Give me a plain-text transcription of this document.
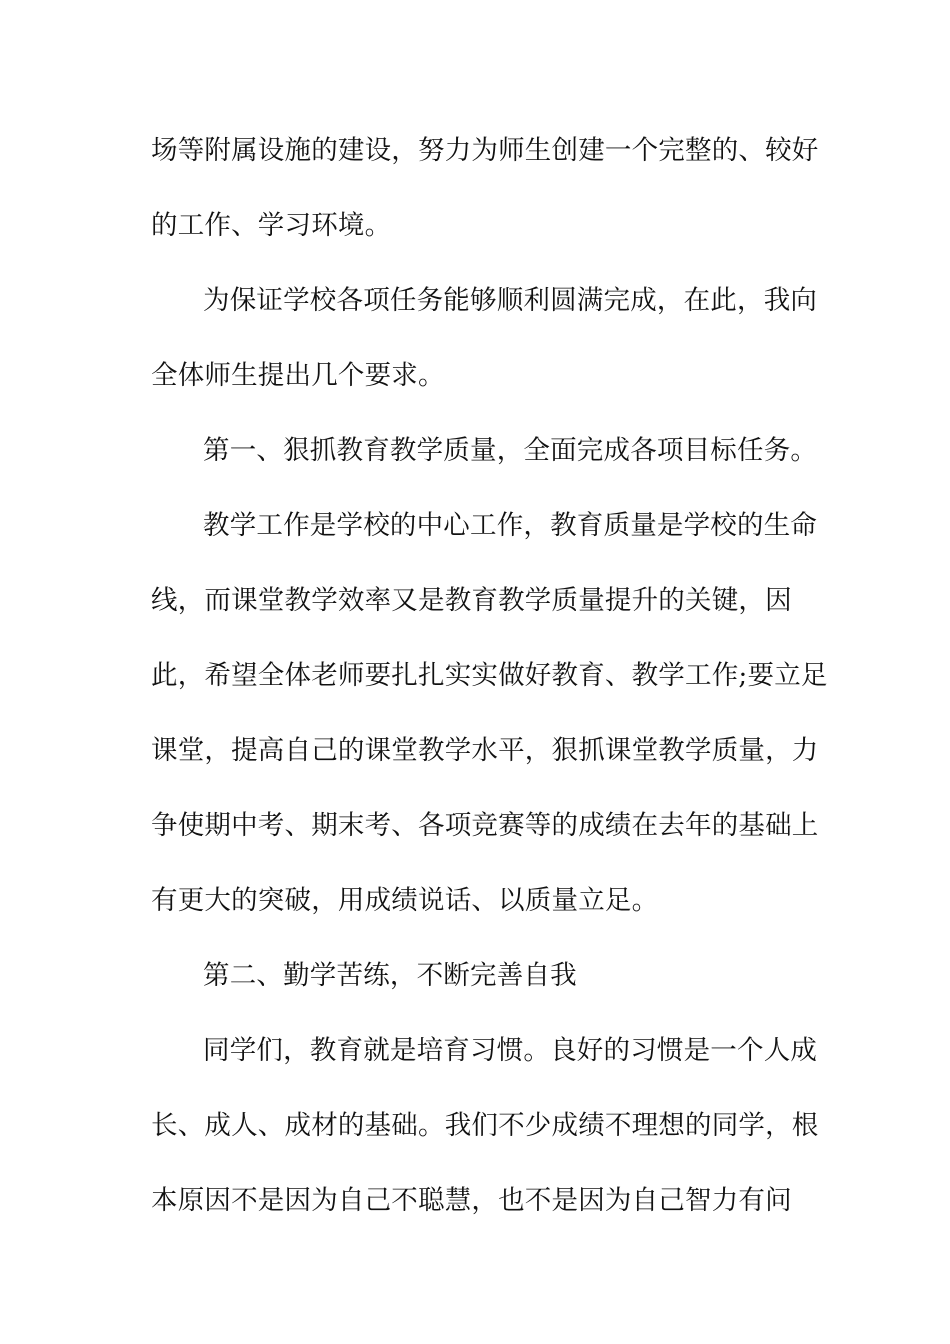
场等附属设施的建设，努力为师生创建一个完整的、较好
的工作、学习环境。
为保证学校各项任务能够顺利圆满完成，在此，我向
全体师生提出几个要求。
第一、狠抓教育教学质量，全面完成各项目标任务。
教学工作是学校的中心工作，教育质量是学校的生命
线，而课堂教学效率又是教育教学质量提升的关键，因
此，希望全体老师要扎扎实实做好教育、教学工作;要立足
课堂，提高自己的课堂教学水平，狠抓课堂教学质量，力
争使期中考、期末考、各项竞赛等的成绩在去年的基础上
有更大的突破，用成绩说话、以质量立足。
第二、勤学苦练，不断完善自我
同学们，教育就是培育习惯。良好的习惯是一个人成
长、成人、成材的基础。我们不少成绩不理想的同学，根
本原因不是因为自己不聪慧，也不是因为自己智力有问
